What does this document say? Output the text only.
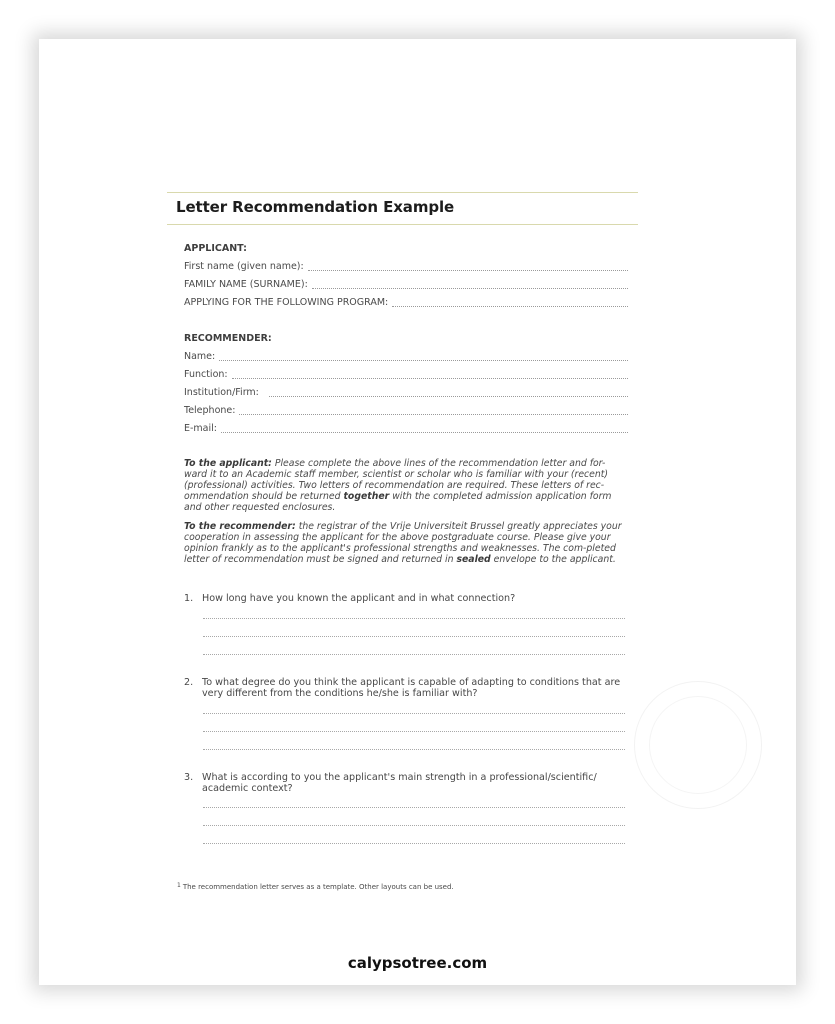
Letter Recommendation Example
APPLICANT:
First name (given name):
FAMILY NAME (SURNAME):
APPLYING FOR THE FOLLOWING PROGRAM:
RECOMMENDER:
Name:
Function:
Institution/Firm:
Telephone:
E-mail:
To the applicant: Please complete the above lines of the recommendation letter and for-ward it to an Academic staff member, scientist or scholar who is familiar with your (recent) (professional) activities. Two letters of recommendation are required. These letters of rec-ommendation should be returned together with the completed admission application form and other requested enclosures.
To the recommender: the registrar of the Vrije Universiteit Brussel greatly appreciates your cooperation in assessing the applicant for the above postgraduate course. Please give your opinion frankly as to the applicant's professional strengths and weaknesses. The com-pleted letter of recommendation must be signed and returned in sealed envelope to the applicant.
1. How long have you known the applicant and in what connection?
2. To what degree do you think the applicant is capable of adapting to conditions that are very different from the conditions he/she is familiar with?
3. What is according to you the applicant's main strength in a professional/scientific/ academic context?
$^1$ The recommendation letter serves as a template. Other layouts can be used.
calypsotree.com
